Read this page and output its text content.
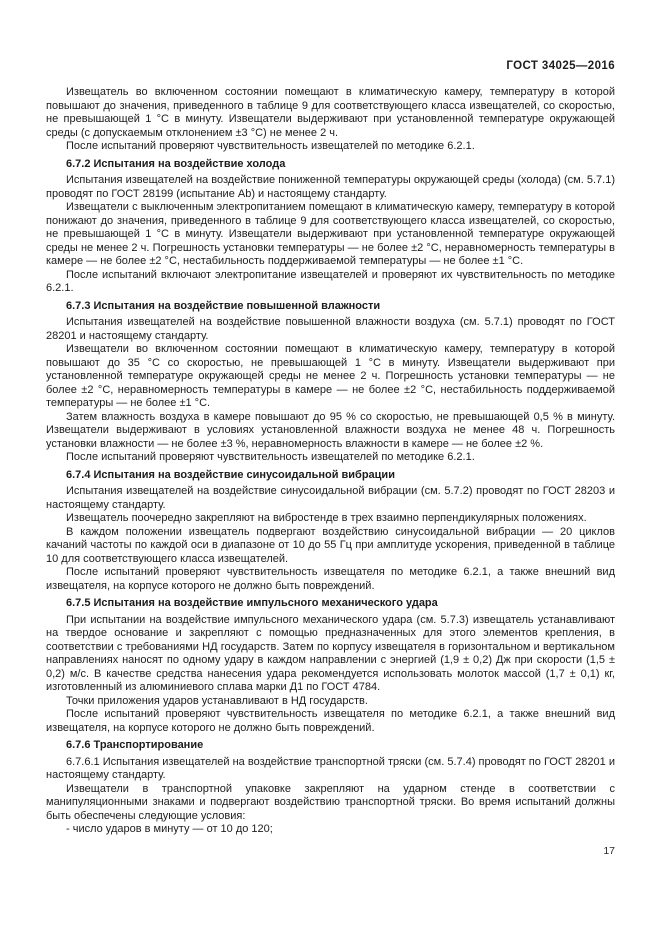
ГОСТ 34025—2016

Извещатель во включенном состоянии помещают в климатическую камеру, температуру в которой повышают до значения, приведенного в таблице 9 для соответствующего класса извещателей, со скоростью, не превышающей 1 °С в минуту. Извещатели выдерживают при установленной температуре окружающей среды (с допускаемым отклонением ±3 °С) не менее 2 ч.

После испытаний проверяют чувствительность извещателей по методике 6.2.1.

6.7.2 Испытания на воздействие холода

Испытания извещателей на воздействие пониженной температуры окружающей среды (холода) (см. 5.7.1) проводят по ГОСТ 28199 (испытание Ab) и настоящему стандарту.

Извещатели с выключенным электропитанием помещают в климатическую камеру, температуру в которой понижают до значения, приведенного в таблице 9 для соответствующего класса извещателей, со скоростью, не превышающей 1 °С в минуту. Извещатели выдерживают при установленной температуре окружающей среды не менее 2 ч. Погрешность установки температуры — не более ±2 °С, неравномерность температуры в камере — не более ±2 °С, нестабильность поддерживаемой температуры — не более ±1 °С.

После испытаний включают электропитание извещателей и проверяют их чувствительность по методике 6.2.1.

6.7.3 Испытания на воздействие повышенной влажности

Испытания извещателей на воздействие повышенной влажности воздуха (см. 5.7.1) проводят по ГОСТ 28201 и настоящему стандарту.

Извещатели во включенном состоянии помещают в климатическую камеру, температуру в которой повышают до 35 °С со скоростью, не превышающей 1 °С в минуту. Извещатели выдерживают при установленной температуре окружающей среды не менее 2 ч. Погрешность установки температуры — не более ±2 °С, неравномерность температуры в камере — не более ±2 °С, нестабильность поддерживаемой температуры — не более ±1 °С.

Затем влажность воздуха в камере повышают до 95 % со скоростью, не превышающей 0,5 % в минуту. Извещатели выдерживают в условиях установленной влажности воздуха не менее 48 ч. Погрешность установки влажности — не более ±3 %, неравномерность влажности в камере — не более ±2 %.

После испытаний проверяют чувствительность извещателей по методике 6.2.1.

6.7.4 Испытания на воздействие синусоидальной вибрации

Испытания извещателей на воздействие синусоидальной вибрации (см. 5.7.2) проводят по ГОСТ 28203 и настоящему стандарту.

Извещатель поочередно закрепляют на вибростенде в трех взаимно перпендикулярных положениях.

В каждом положении извещатель подвергают воздействию синусоидальной вибрации — 20 циклов качаний частоты по каждой оси в диапазоне от 10 до 55 Гц при амплитуде ускорения, приведенной в таблице 10 для соответствующего класса извещателей.

После испытаний проверяют чувствительность извещателя по методике 6.2.1, а также внешний вид извещателя, на корпусе которого не должно быть повреждений.

6.7.5 Испытания на воздействие импульсного механического удара

При испытании на воздействие импульсного механического удара (см. 5.7.3) извещатель устанавливают на твердое основание и закрепляют с помощью предназначенных для этого элементов крепления, в соответствии с требованиями НД государств. Затем по корпусу извещателя в горизонтальном и вертикальном направлениях наносят по одному удару в каждом направлении с энергией (1,9 ± 0,2) Дж при скорости (1,5 ± 0,2) м/с. В качестве средства нанесения удара рекомендуется использовать молоток массой (1,7 ± 0,1) кг, изготовленный из алюминиевого сплава марки Д1 по ГОСТ 4784.

Точки приложения ударов устанавливают в НД государств.

После испытаний проверяют чувствительность извещателя по методике 6.2.1, а также внешний вид извещателя, на корпусе которого не должно быть повреждений.

6.7.6 Транспортирование

6.7.6.1 Испытания извещателей на воздействие транспортной тряски (см. 5.7.4) проводят по ГОСТ 28201 и настоящему стандарту.

Извещатели в транспортной упаковке закрепляют на ударном стенде в соответствии с манипуляционными знаками и подвергают воздействию транспортной тряски. Во время испытаний должны быть обеспечены следующие условия:

- число ударов в минуту — от 10 до 120;

17
